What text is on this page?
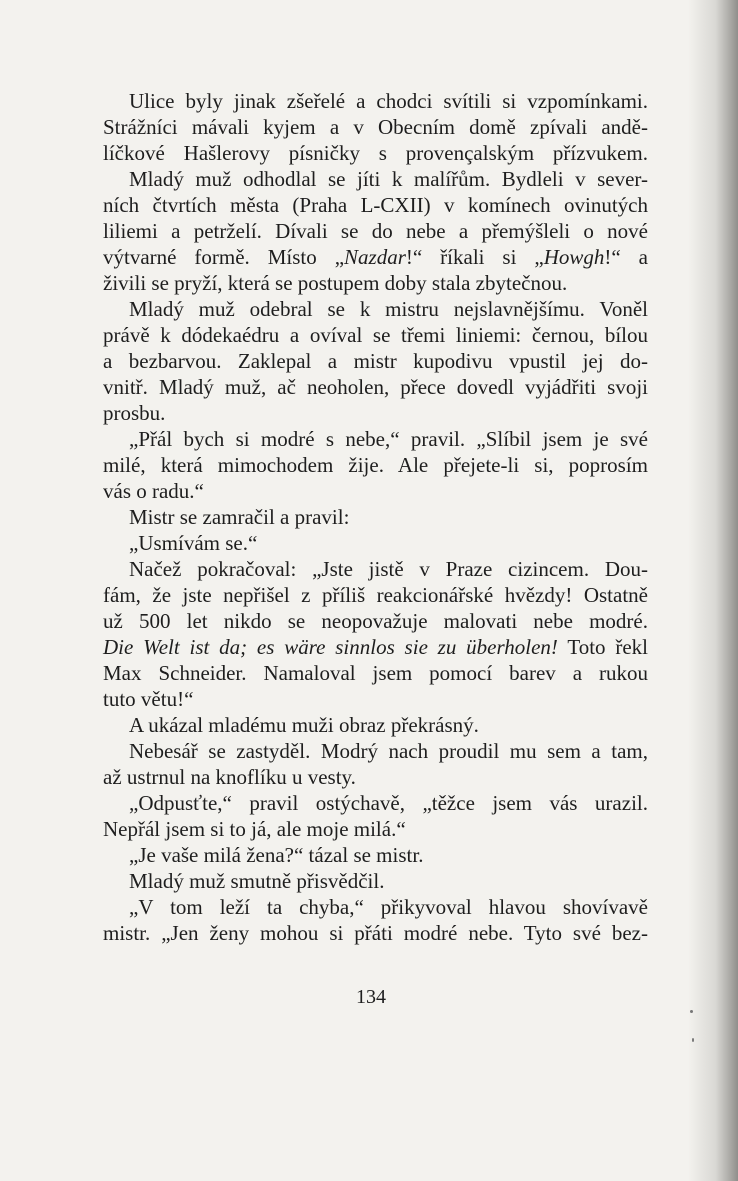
Ulice byly jinak zšeřelé a chodci svítili si vzpomínkami.
Strážníci mávali kyjem a v Obecním domě zpívali andě-
líčkové Hašlerovy písničky s provençalským přízvukem.
Mladý muž odhodlal se jíti k malířům. Bydleli v sever-
ních čtvrtích města (Praha L-CXII) v komínech ovinutých
liliemi a petrželí. Dívali se do nebe a přemýšleli o nové
výtvarné formě. Místo „Nazdar!“ říkali si „Howgh!“ a
živili se pryží, která se postupem doby stala zbytečnou.
Mladý muž odebral se k mistru nejslavnějšímu. Voněl
právě k dódekaédru a ovíval se třemi liniemi: černou, bílou
a bezbarvou. Zaklepal a mistr kupodivu vpustil jej do-
vnitř. Mladý muž, ač neoholen, přece dovedl vyjádřiti svoji
prosbu.
„Přál bych si modré s nebe,“ pravil. „Slíbil jsem je své
milé, která mimochodem žije. Ale přejete-li si, poprosím
vás o radu.“
Mistr se zamračil a pravil:
„Usmívám se.“
Načež pokračoval: „Jste jistě v Praze cizincem. Dou-
fám, že jste nepřišel z příliš reakcionářské hvězdy! Ostatně
už 500 let nikdo se neopovažuje malovati nebe modré.
Die Welt ist da; es wäre sinnlos sie zu überholen! Toto řekl
Max Schneider. Namaloval jsem pomocí barev a rukou
tuto větu!“
A ukázal mladému muži obraz překrásný.
Nebesář se zastyděl. Modrý nach proudil mu sem a tam,
až ustrnul na knoflíku u vesty.
„Odpusťte,“ pravil ostýchavě, „těžce jsem vás urazil.
Nepřál jsem si to já, ale moje milá.“
„Je vaše milá žena?“ tázal se mistr.
Mladý muž smutně přisvědčil.
„V tom leží ta chyba,“ přikyvoval hlavou shovívavě
mistr. „Jen ženy mohou si přáti modré nebe. Tyto své bez-
134
